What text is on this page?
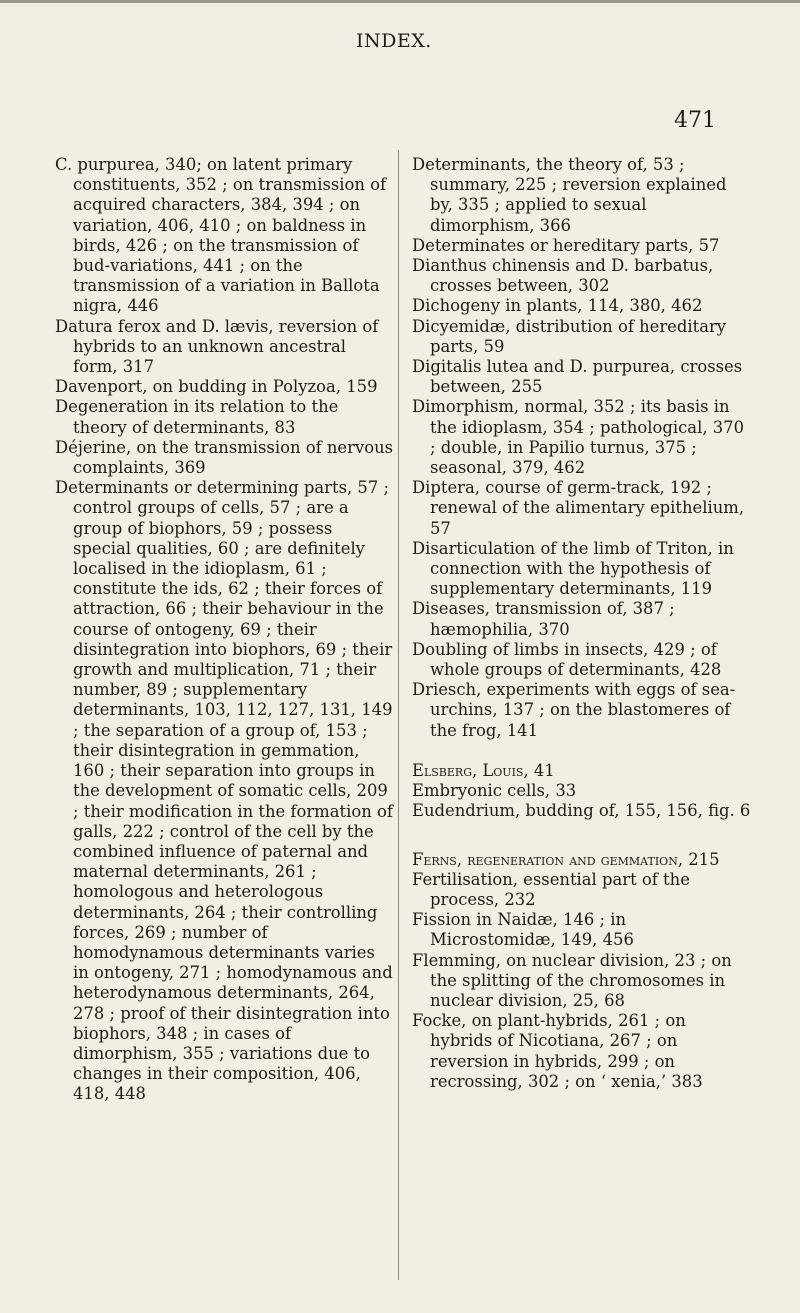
INDEX.
471

C. purpurea, 340; on latent primary constituents, 352 ; on transmission of acquired characters, 384, 394 ; on variation, 406, 410 ; on baldness in birds, 426 ; on the transmission of bud-variations, 441 ; on the transmission of a variation in Ballota nigra, 446

Datura ferox and D. lævis, reversion of hybrids to an unknown ancestral form, 317

Davenport, on budding in Polyzoa, 159

Degeneration in its relation to the theory of determinants, 83

Déjerine, on the transmission of nervous complaints, 369

Determinants or determining parts, 57 ; control groups of cells, 57 ; are a group of biophors, 59 ; possess special qualities, 60 ; are definitely localised in the idioplasm, 61 ; constitute the ids, 62 ; their forces of attraction, 66 ; their behaviour in the course of ontogeny, 69 ; their disintegration into biophors, 69 ; their growth and multiplication, 71 ; their number, 89 ; supplementary determinants, 103, 112, 127, 131, 149 ; the separation of a group of, 153 ; their disintegration in gemmation, 160 ; their separation into groups in the development of somatic cells, 209 ; their modification in the formation of galls, 222 ; control of the cell by the combined influence of paternal and maternal determinants, 261 ; homologous and heterologous determinants, 264 ; their controlling forces, 269 ; number of homodynamous determinants varies in ontogeny, 271 ; homodynamous and heterodynamous determinants, 264, 278 ; proof of their disintegration into biophors, 348 ; in cases of dimorphism, 355 ; variations due to changes in their composition, 406, 418, 448

Determinants, the theory of, 53 ; summary, 225 ; reversion explained by, 335 ; applied to sexual dimorphism, 366

Determinates or hereditary parts, 57

Dianthus chinensis and D. barbatus, crosses between, 302

Dichogeny in plants, 114, 380, 462

Dicyemidæ, distribution of hereditary parts, 59

Digitalis lutea and D. purpurea, crosses between, 255

Dimorphism, normal, 352 ; its basis in the idioplasm, 354 ; pathological, 370 ; double, in Papilio turnus, 375 ; seasonal, 379, 462

Diptera, course of germ-track, 192 ; renewal of the alimentary epithelium, 57

Disarticulation of the limb of Triton, in connection with the hypothesis of supplementary determinants, 119

Diseases, transmission of, 387 ; hæmophilia, 370

Doubling of limbs in insects, 429 ; of whole groups of determinants, 428

Driesch, experiments with eggs of sea-urchins, 137 ; on the blastomeres of the frog, 141

Elsberg, Louis, 41

Embryonic cells, 33

Eudendrium, budding of, 155, 156, fig. 6

Ferns, regeneration and gemmation, 215

Fertilisation, essential part of the process, 232

Fission in Naidæ, 146 ; in Microstomidæ, 149, 456

Flemming, on nuclear division, 23 ; on the splitting of the chromosomes in nuclear division, 25, 68

Focke, on plant-hybrids, 261 ; on hybrids of Nicotiana, 267 ; on reversion in hybrids, 299 ; on recrossing, 302 ; on ‘ xenia,’ 383
